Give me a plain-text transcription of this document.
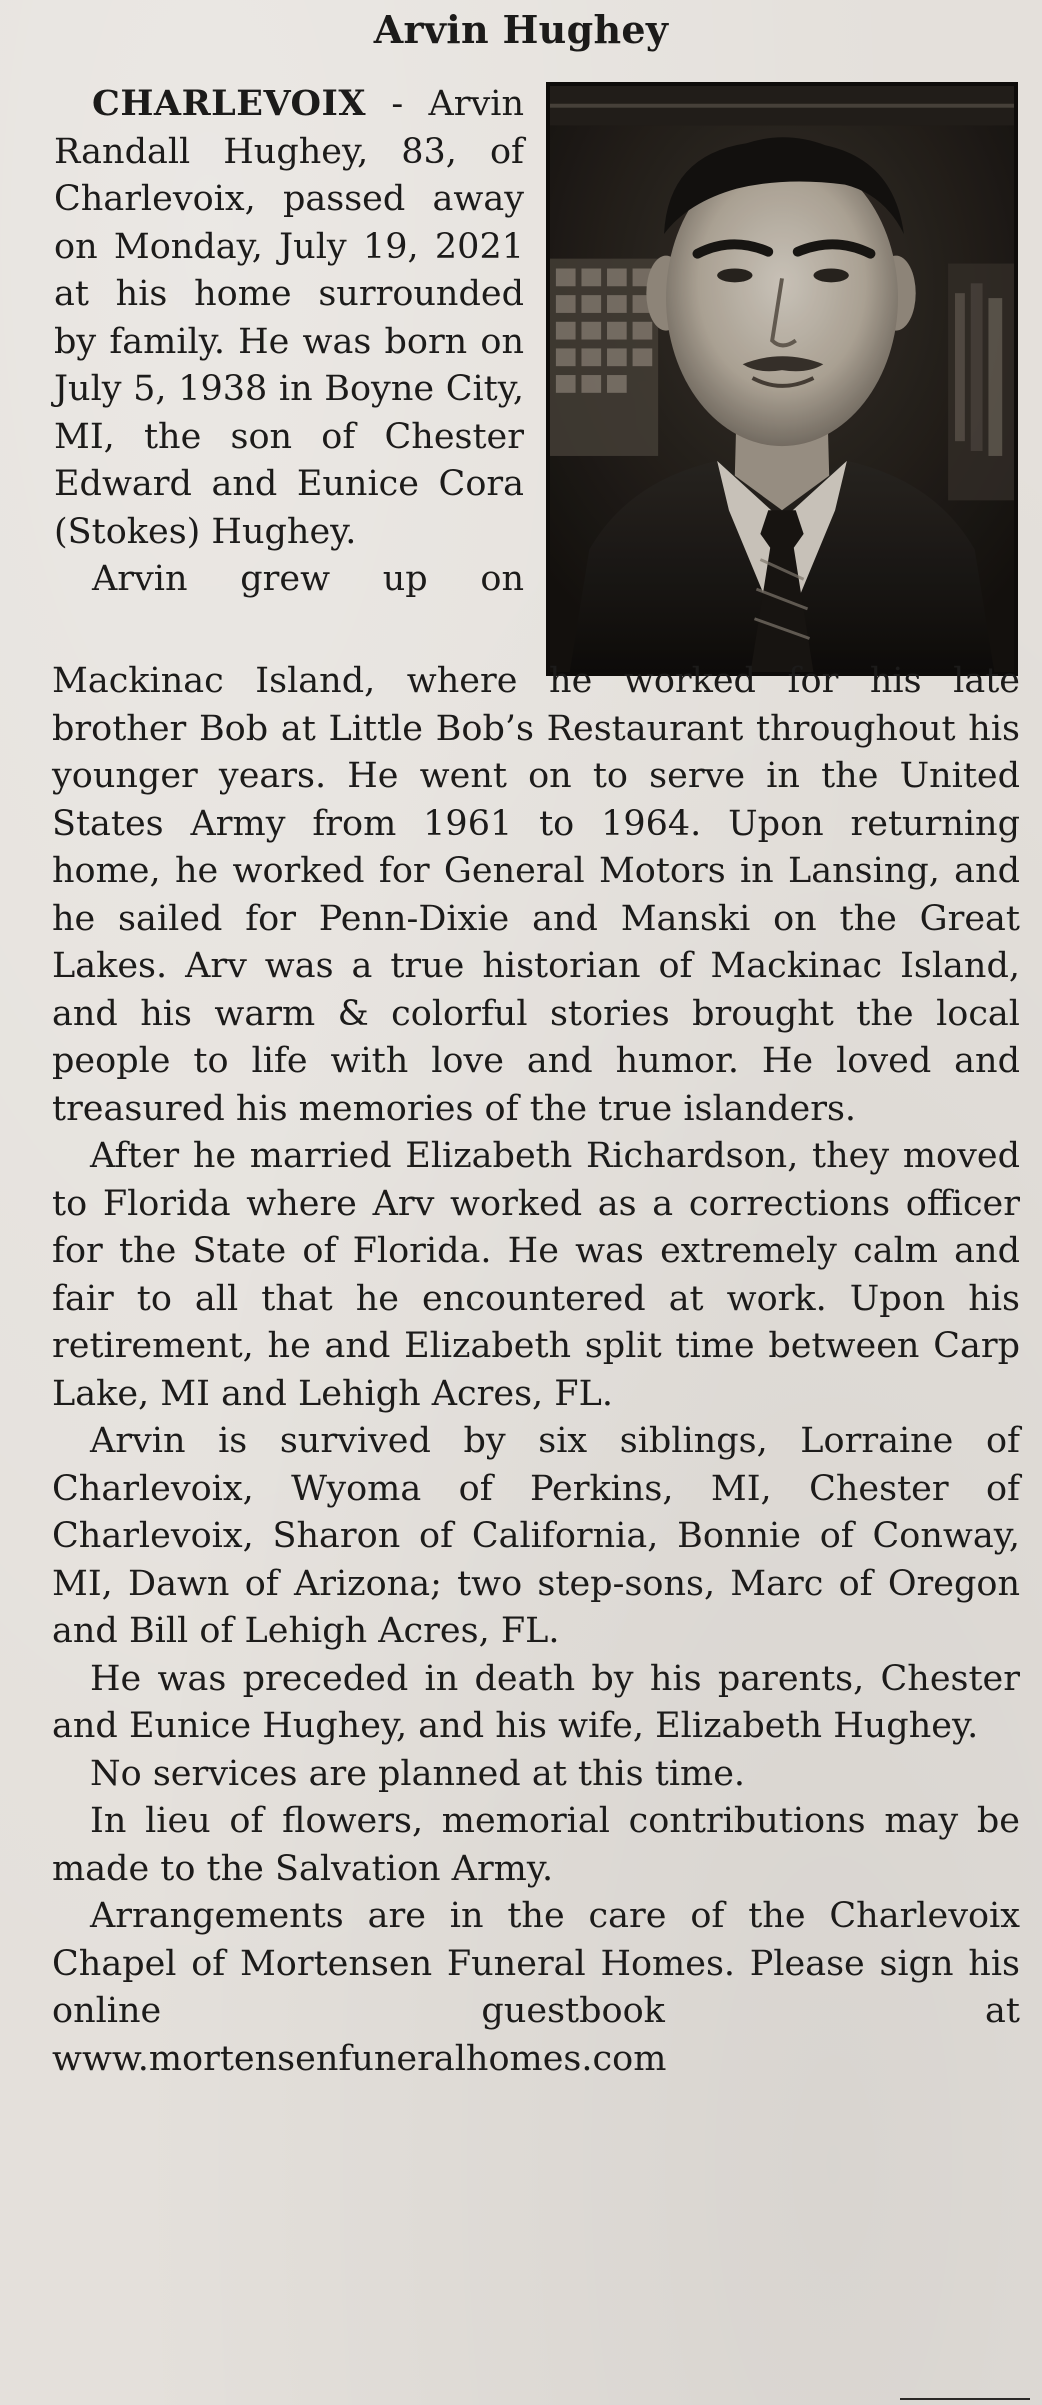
Arvin Hughey

CHARLEVOIX - Arvin Randall Hughey, 83, of Charlevoix, passed away on Monday, July 19, 2021 at his home surrounded by family. He was born on July 5, 1938 in Boyne City, MI, the son of Chester Edward and Eunice Cora (Stokes) Hughey.

Arvin grew up on

Mackinac Island, where he worked for his late brother Bob at Little Bob’s Restaurant throughout his younger years. He went on to serve in the United States Army from 1961 to 1964. Upon returning home, he worked for General Motors in Lansing, and he sailed for Penn-Dixie and Manski on the Great Lakes. Arv was a true historian of Mackinac Island, and his warm & colorful stories brought the local people to life with love and humor. He loved and treasured his memories of the true islanders.

After he married Elizabeth Richardson, they moved to Florida where Arv worked as a corrections officer for the State of Florida. He was extremely calm and fair to all that he encountered at work. Upon his retirement, he and Elizabeth split time between Carp Lake, MI and Lehigh Acres, FL.

Arvin is survived by six siblings, Lorraine of Charlevoix, Wyoma of Perkins, MI, Chester of Charlevoix, Sharon of California, Bonnie of Conway, MI, Dawn of Arizona; two step-sons, Marc of Oregon and Bill of Lehigh Acres, FL.

He was preceded in death by his parents, Chester and Eunice Hughey, and his wife, Elizabeth Hughey.

No services are planned at this time.

In lieu of flowers, memorial contributions may be made to the Salvation Army.

Arrangements are in the care of the Charlevoix Chapel of Mortensen Funeral Homes. Please sign his online guestbook at www.mortensenfuneralhomes.com
